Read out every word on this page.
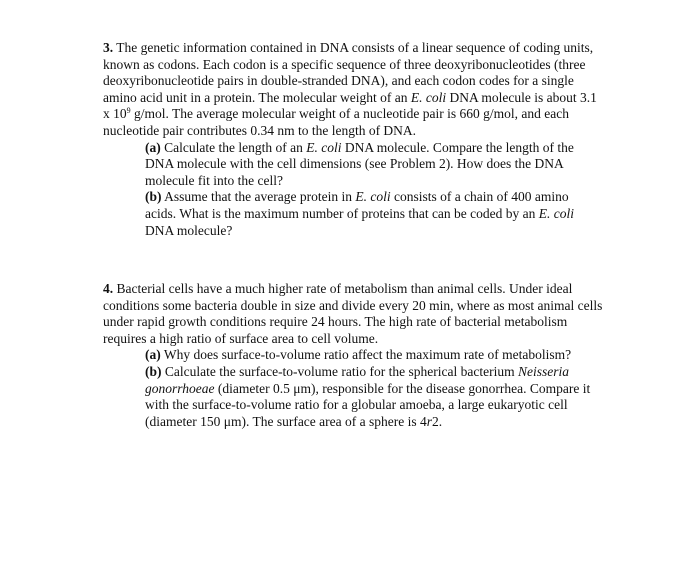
3. The genetic information contained in DNA consists of a linear sequence of coding units, known as codons. Each codon is a specific sequence of three deoxyribonucleotides (three deoxyribonucleotide pairs in double-stranded DNA), and each codon codes for a single amino acid unit in a protein. The molecular weight of an E. coli DNA molecule is about 3.1 x $10^9$ g/mol. The average molecular weight of a nucleotide pair is 660 g/mol, and each nucleotide pair contributes 0.34 nm to the length of DNA.
(a) Calculate the length of an E. coli DNA molecule. Compare the length of the DNA molecule with the cell dimensions (see Problem 2). How does the DNA molecule fit into the cell?
(b) Assume that the average protein in E. coli consists of a chain of 400 amino acids. What is the maximum number of proteins that can be coded by an E. coli DNA molecule?
4. Bacterial cells have a much higher rate of metabolism than animal cells. Under ideal conditions some bacteria double in size and divide every 20 min, where as most animal cells under rapid growth conditions require 24 hours. The high rate of bacterial metabolism requires a high ratio of surface area to cell volume.
(a) Why does surface-to-volume ratio affect the maximum rate of metabolism?
(b) Calculate the surface-to-volume ratio for the spherical bacterium Neisseria gonorrhoeae (diameter 0.5 μm), responsible for the disease gonorrhea. Compare it with the surface-to-volume ratio for a globular amoeba, a large eukaryotic cell (diameter 150 μm). The surface area of a sphere is 4r2.
